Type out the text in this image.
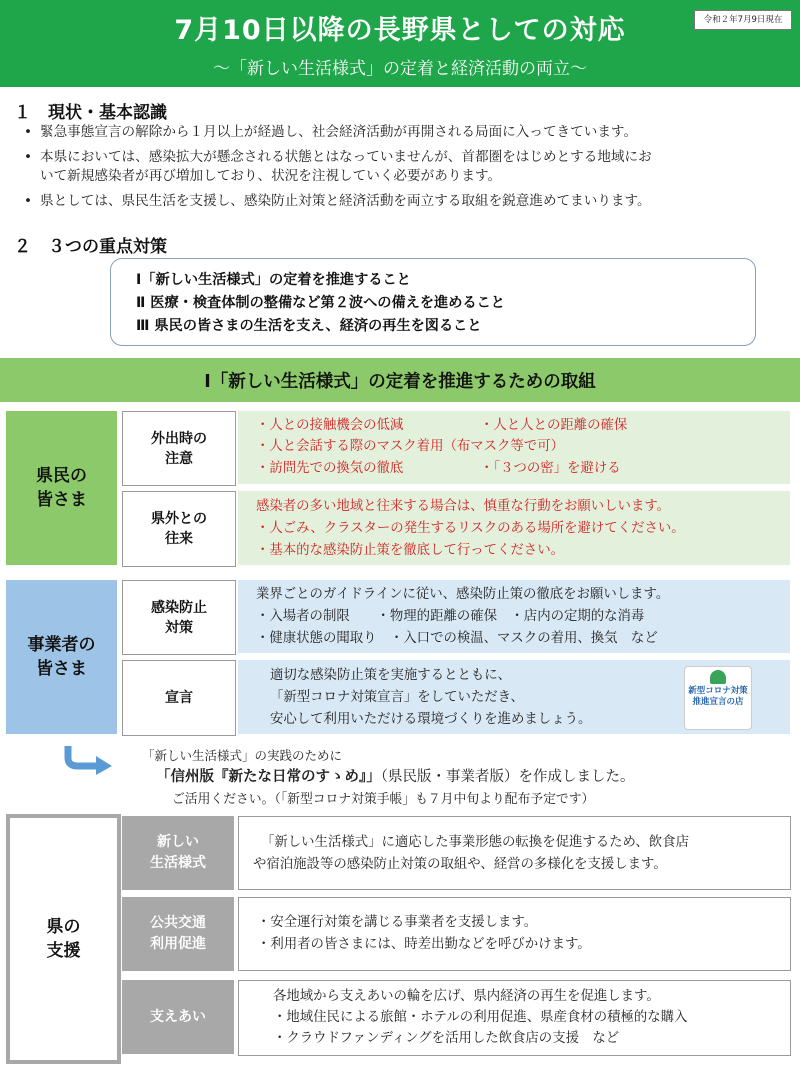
7月10日以降の長野県としての対応
～「新しい生活様式」の定着と経済活動の両立～
令和２年7月9日現在
１　現状・基本認識
• 緊急事態宣言の解除から１月以上が経過し、社会経済活動が再開される局面に入ってきています。
• 本県においては、感染拡大が懸念される状態とはなっていませんが、首都圏をはじめとする地域にお
いて新規感染者が再び増加しており、状況を注視していく必要があります。
• 県としては、県民生活を支援し、感染防止対策と経済活動を両立する取組を鋭意進めてまいります。
２　３つの重点対策
Ⅰ「新しい生活様式」の定着を推進すること
Ⅱ 医療・検査体制の整備など第２波への備えを進めること
Ⅲ 県民の皆さまの生活を支え、経済の再生を図ること
Ⅰ「新しい生活様式」の定着を推進するための取組
県民の
皆さま
外出時の
注意
・人との接触機会の低減	・人と人との距離の確保
・人と会話する際のマスク着用（布マスク等で可）
・訪問先での換気の徹底	・「３つの密」を避ける
県外との
往来
感染者の多い地域と往来する場合は、慎重な行動をお願いしいます。
・人ごみ、クラスターの発生するリスクのある場所を避けてください。
・基本的な感染防止策を徹底して行ってください。
事業者の
皆さま
感染防止
対策
業界ごとのガイドラインに従い、感染防止策の徹底をお願いします。
・入場者の制限　　・物理的距離の確保　・店内の定期的な消毒
・健康状態の聞取り　・入口での検温、マスクの着用、換気　など
宣言
適切な感染防止策を実施するとともに、
「新型コロナ対策宣言」をしていただき、
安心して利用いただける環境づくりを進めましょう。
新型コロナ対策
推進宣言の店
「新しい生活様式」の実践のために
「信州版『新たな日常のすゝめ』」（県民版・事業者版）を作成しました。
ご活用ください。（「新型コロナ対策手帳」も７月中旬より配布予定です）
県の
支援
新しい
生活様式
「新しい生活様式」に適応した事業形態の転換を促進するため、飲食店
や宿泊施設等の感染防止対策の取組や、経営の多様化を支援します。
公共交通
利用促進
・安全運行対策を講じる事業者を支援します。
・利用者の皆さまには、時差出勤などを呼びかけます。
支えあい
各地域から支えあいの輪を広げ、県内経済の再生を促進します。
・地域住民による旅館・ホテルの利用促進、県産食材の積極的な購入
・クラウドファンディングを活用した飲食店の支援　など
